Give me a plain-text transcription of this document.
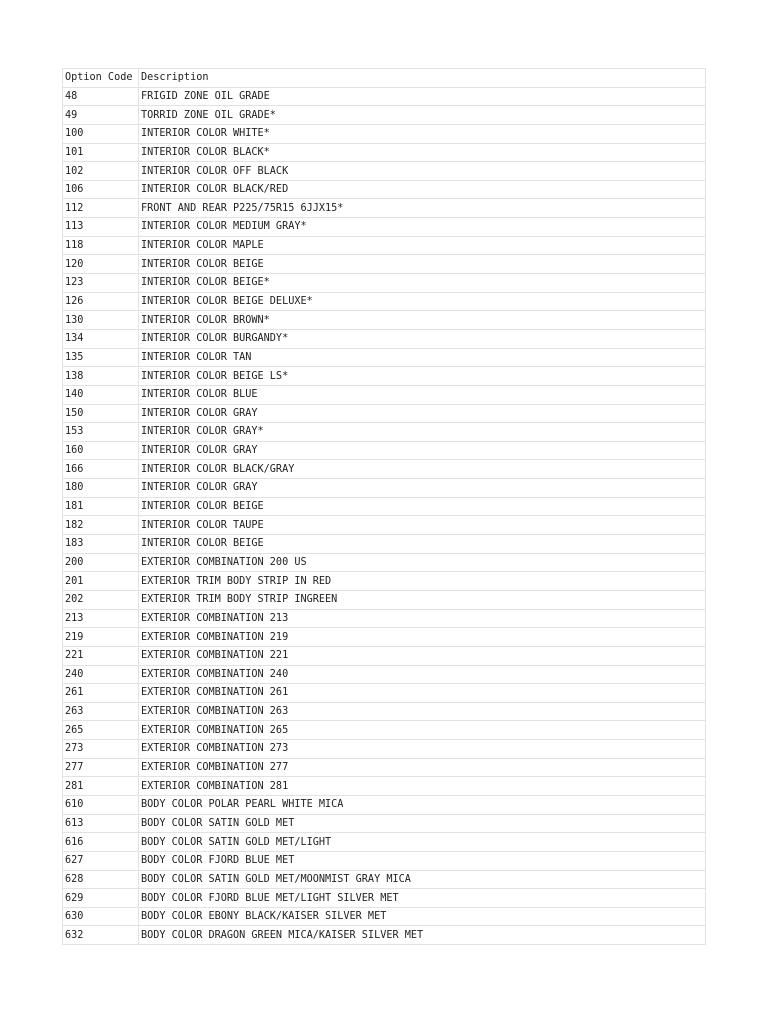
Option Code	Description
48	FRIGID ZONE OIL GRADE
49	TORRID ZONE OIL GRADE*
100	INTERIOR COLOR WHITE*
101	INTERIOR COLOR BLACK*
102	INTERIOR COLOR OFF BLACK
106	INTERIOR COLOR BLACK/RED
112	FRONT AND REAR P225/75R15 6JJX15*
113	INTERIOR COLOR MEDIUM GRAY*
118	INTERIOR COLOR MAPLE
120	INTERIOR COLOR BEIGE
123	INTERIOR COLOR BEIGE*
126	INTERIOR COLOR BEIGE DELUXE*
130	INTERIOR COLOR BROWN*
134	INTERIOR COLOR BURGANDY*
135	INTERIOR COLOR TAN
138	INTERIOR COLOR BEIGE LS*
140	INTERIOR COLOR BLUE
150	INTERIOR COLOR GRAY
153	INTERIOR COLOR GRAY*
160	INTERIOR COLOR GRAY
166	INTERIOR COLOR BLACK/GRAY
180	INTERIOR COLOR GRAY
181	INTERIOR COLOR BEIGE
182	INTERIOR COLOR TAUPE
183	INTERIOR COLOR BEIGE
200	EXTERIOR COMBINATION 200 US
201	EXTERIOR TRIM BODY STRIP IN RED
202	EXTERIOR TRIM BODY STRIP INGREEN
213	EXTERIOR COMBINATION 213
219	EXTERIOR COMBINATION 219
221	EXTERIOR COMBINATION 221
240	EXTERIOR COMBINATION 240
261	EXTERIOR COMBINATION 261
263	EXTERIOR COMBINATION 263
265	EXTERIOR COMBINATION 265
273	EXTERIOR COMBINATION 273
277	EXTERIOR COMBINATION 277
281	EXTERIOR COMBINATION 281
610	BODY COLOR POLAR PEARL WHITE MICA
613	BODY COLOR SATIN GOLD MET
616	BODY COLOR SATIN GOLD MET/LIGHT
627	BODY COLOR FJORD BLUE MET
628	BODY COLOR SATIN GOLD MET/MOONMIST GRAY MICA
629	BODY COLOR FJORD BLUE MET/LIGHT SILVER MET
630	BODY COLOR EBONY BLACK/KAISER SILVER MET
632	BODY COLOR DRAGON GREEN MICA/KAISER SILVER MET
